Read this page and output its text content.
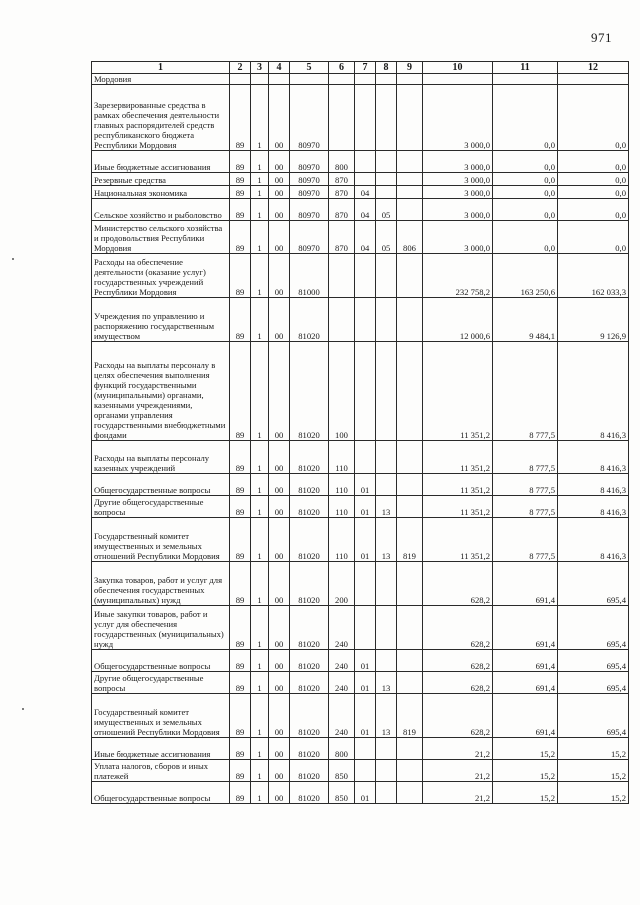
971
1	2	3	4	5	6	7	8	9	10	11	12
Мордовия											
Зарезервированные средства в рамках обеспечения деятельности главных распорядителей средств республиканского бюджета Республики Мордовия	89	1	00	80970					3 000,0	0,0	0,0
Иные бюджетные ассигнования	89	1	00	80970	800				3 000,0	0,0	0,0
Резервные средства	89	1	00	80970	870				3 000,0	0,0	0,0
Национальная экономика	89	1	00	80970	870	04			3 000,0	0,0	0,0
Сельское хозяйство и рыболовство	89	1	00	80970	870	04	05		3 000,0	0,0	0,0
Министерство сельского хозяйства и продовольствия Республики Мордовия	89	1	00	80970	870	04	05	806	3 000,0	0,0	0,0
Расходы на обеспечение деятельности (оказание услуг) государственных учреждений Республики Мордовия	89	1	00	81000					232 758,2	163 250,6	162 033,3
Учреждения по управлению и распоряжению государственным имуществом	89	1	00	81020					12 000,6	9 484,1	9 126,9
Расходы на выплаты персоналу в целях обеспечения выполнения функций государственными (муниципальными) органами, казенными учреждениями, органами управления государственными внебюджетными фондами	89	1	00	81020	100				11 351,2	8 777,5	8 416,3
Расходы на выплаты персоналу казенных учреждений	89	1	00	81020	110				11 351,2	8 777,5	8 416,3
Общегосударственные вопросы	89	1	00	81020	110	01			11 351,2	8 777,5	8 416,3
Другие общегосударственные вопросы	89	1	00	81020	110	01	13		11 351,2	8 777,5	8 416,3
Государственный комитет имущественных и земельных отношений Республики Мордовия	89	1	00	81020	110	01	13	819	11 351,2	8 777,5	8 416,3
Закупка товаров, работ и услуг для обеспечения государственных (муниципальных) нужд	89	1	00	81020	200				628,2	691,4	695,4
Иные закупки товаров, работ и услуг для обеспечения государственных (муниципальных) нужд	89	1	00	81020	240				628,2	691,4	695,4
Общегосударственные вопросы	89	1	00	81020	240	01			628,2	691,4	695,4
Другие общегосударственные вопросы	89	1	00	81020	240	01	13		628,2	691,4	695,4
Государственный комитет имущественных и земельных отношений Республики Мордовия	89	1	00	81020	240	01	13	819	628,2	691,4	695,4
Иные бюджетные ассигнования	89	1	00	81020	800				21,2	15,2	15,2
Уплата налогов, сборов и иных платежей	89	1	00	81020	850				21,2	15,2	15,2
Общегосударственные вопросы	89	1	00	81020	850	01			21,2	15,2	15,2
